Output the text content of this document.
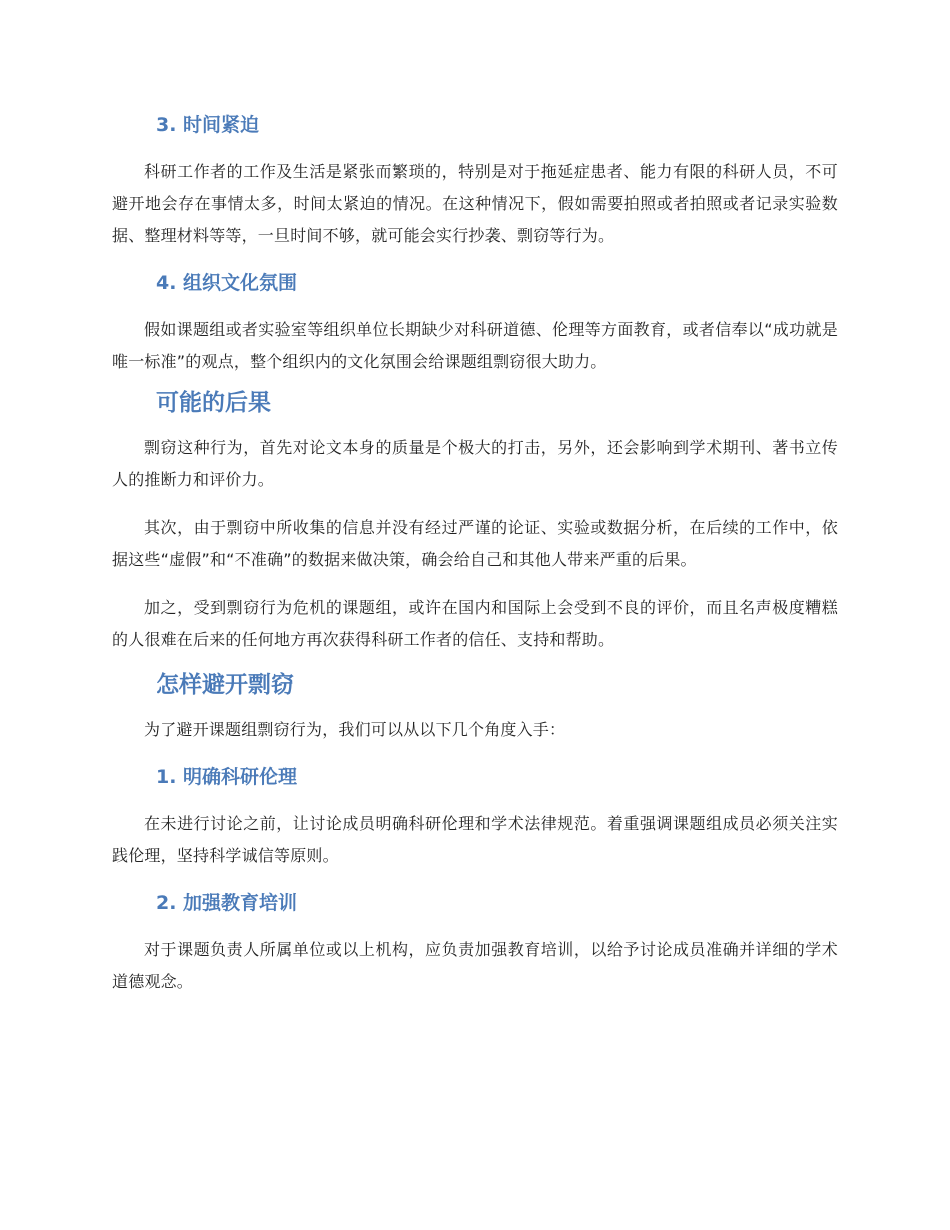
3. 时间紧迫

科研工作者的工作及生活是紧张而繁琐的，特别是对于拖延症患者、能力有限的科研人员，不可避开地会存在事情太多，时间太紧迫的情况。在这种情况下，假如需要拍照或者拍照或者记录实验数据、整理材料等等，一旦时间不够，就可能会实行抄袭、剽窃等行为。

4. 组织文化氛围

假如课题组或者实验室等组织单位长期缺少对科研道德、伦理等方面教育，或者信奉以“成功就是唯一标准”的观点，整个组织内的文化氛围会给课题组剽窃很大助力。

可能的后果

剽窃这种行为，首先对论文本身的质量是个极大的打击，另外，还会影响到学术期刊、著书立传人的推断力和评价力。

其次，由于剽窃中所收集的信息并没有经过严谨的论证、实验或数据分析，在后续的工作中，依据这些“虚假”和“不准确”的数据来做决策，确会给自己和其他人带来严重的后果。

加之，受到剽窃行为危机的课题组，或许在国内和国际上会受到不良的评价，而且名声极度糟糕的人很难在后来的任何地方再次获得科研工作者的信任、支持和帮助。

怎样避开剽窃

为了避开课题组剽窃行为，我们可以从以下几个角度入手：

1. 明确科研伦理

在未进行讨论之前，让讨论成员明确科研伦理和学术法律规范。着重强调课题组成员必须关注实践伦理，坚持科学诚信等原则。

2. 加强教育培训

对于课题负责人所属单位或以上机构，应负责加强教育培训，以给予讨论成员准确并详细的学术道德观念。
